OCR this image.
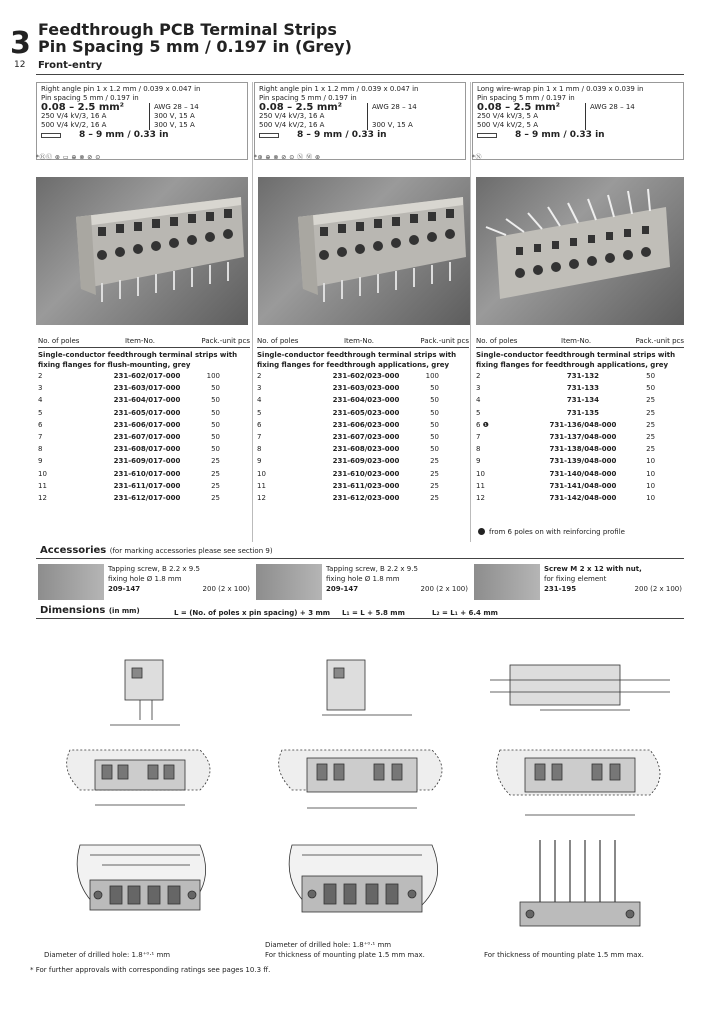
3 Feedthrough PCB Terminal Strips
Pin Spacing 5 mm / 0.197 in (Grey)
12 Front-entry
Right angle pin 1 x 1.2 mm / 0.039 x 0.047 in
Pin spacing 5 mm / 0.197 in
0.08 – 2.5 mm²	AWG 28 – 14
250 V/4 kV/3, 16 A	300 V, 15 A
500 V/4 kV/2, 16 A	300 V, 15 A
8 – 9 mm / 0.33 in
*ⓇⓊ ⊛ ▭ ⊕ ⊗ ⊘ ⊙
Right angle pin 1 x 1.2 mm / 0.039 x 0.047 in
Pin spacing 5 mm / 0.197 in
0.08 – 2.5 mm²	AWG 28 – 14
250 V/4 kV/3, 16 A
500 V/4 kV/2, 16 A	300 V, 15 A
8 – 9 mm / 0.33 in
*⊛ ⊕ ⊗ ⊘ ⊙ Ⓝ Ⓦ ⊛
Long wire-wrap pin 1 x 1 mm / 0.039 x 0.039 in
Pin spacing 5 mm / 0.197 in
0.08 – 2.5 mm²	AWG 28 – 14
250 V/4 kV/3, 5 A
500 V/4 kV/2, 5 A
8 – 9 mm / 0.33 in
*Ⓝ
No. of poles	Item-No.	Pack.-unit pcs
Single-conductor feedthrough terminal strips with fixing flanges for flush-mounting, grey
2	231-602/017-000	100
3	231-603/017-000	50
4	231-604/017-000	50
5	231-605/017-000	50
6	231-606/017-000	50
7	231-607/017-000	50
8	231-608/017-000	50
9	231-609/017-000	25
10	231-610/017-000	25
11	231-611/017-000	25
12	231-612/017-000	25
No. of poles	Item-No.	Pack.-unit pcs
Single-conductor feedthrough terminal strips with fixing flanges for feedthrough applications, grey
2	231-602/023-000	100
3	231-603/023-000	50
4	231-604/023-000	50
5	231-605/023-000	50
6	231-606/023-000	50
7	231-607/023-000	50
8	231-608/023-000	50
9	231-609/023-000	25
10	231-610/023-000	25
11	231-611/023-000	25
12	231-612/023-000	25
No. of poles	Item-No.	Pack.-unit pcs
Single-conductor feedthrough terminal strips with fixing flanges for feedthrough applications, grey
2	731-132	50
3	731-133	50
4	731-134	25
5	731-135	25
6 ❶	731-136/048-000	25
7	731-137/048-000	25
8	731-138/048-000	25
9	731-139/048-000	10
10	731-140/048-000	10
11	731-141/048-000	10
12	731-142/048-000	10
from 6 poles on with reinforcing profile
Accessories (for marking accessories please see section 9)
Tapping screw, B 2.2 x 9.5
fixing hole Ø 1.8 mm
209-147	200 (2 x 100)
Tapping screw, B 2.2 x 9.5
fixing hole Ø 1.8 mm
209-147	200 (2 x 100)
Screw M 2 x 12 with nut,
for fixing element
231-195	200 (2 x 100)
Dimensions (in mm)	L = (No. of poles x pin spacing) + 3 mm L₁ = L + 5.8 mm	L₂ = L₁ + 6.4 mm
Diameter of drilled hole: 1.8⁺⁰·¹ mm
Diameter of drilled hole: 1.8⁺⁰·¹ mm
For thickness of mounting plate 1.5 mm max.	For thickness of mounting plate 1.5 mm max.
* For further approvals with corresponding ratings see pages 10.3 ff.
